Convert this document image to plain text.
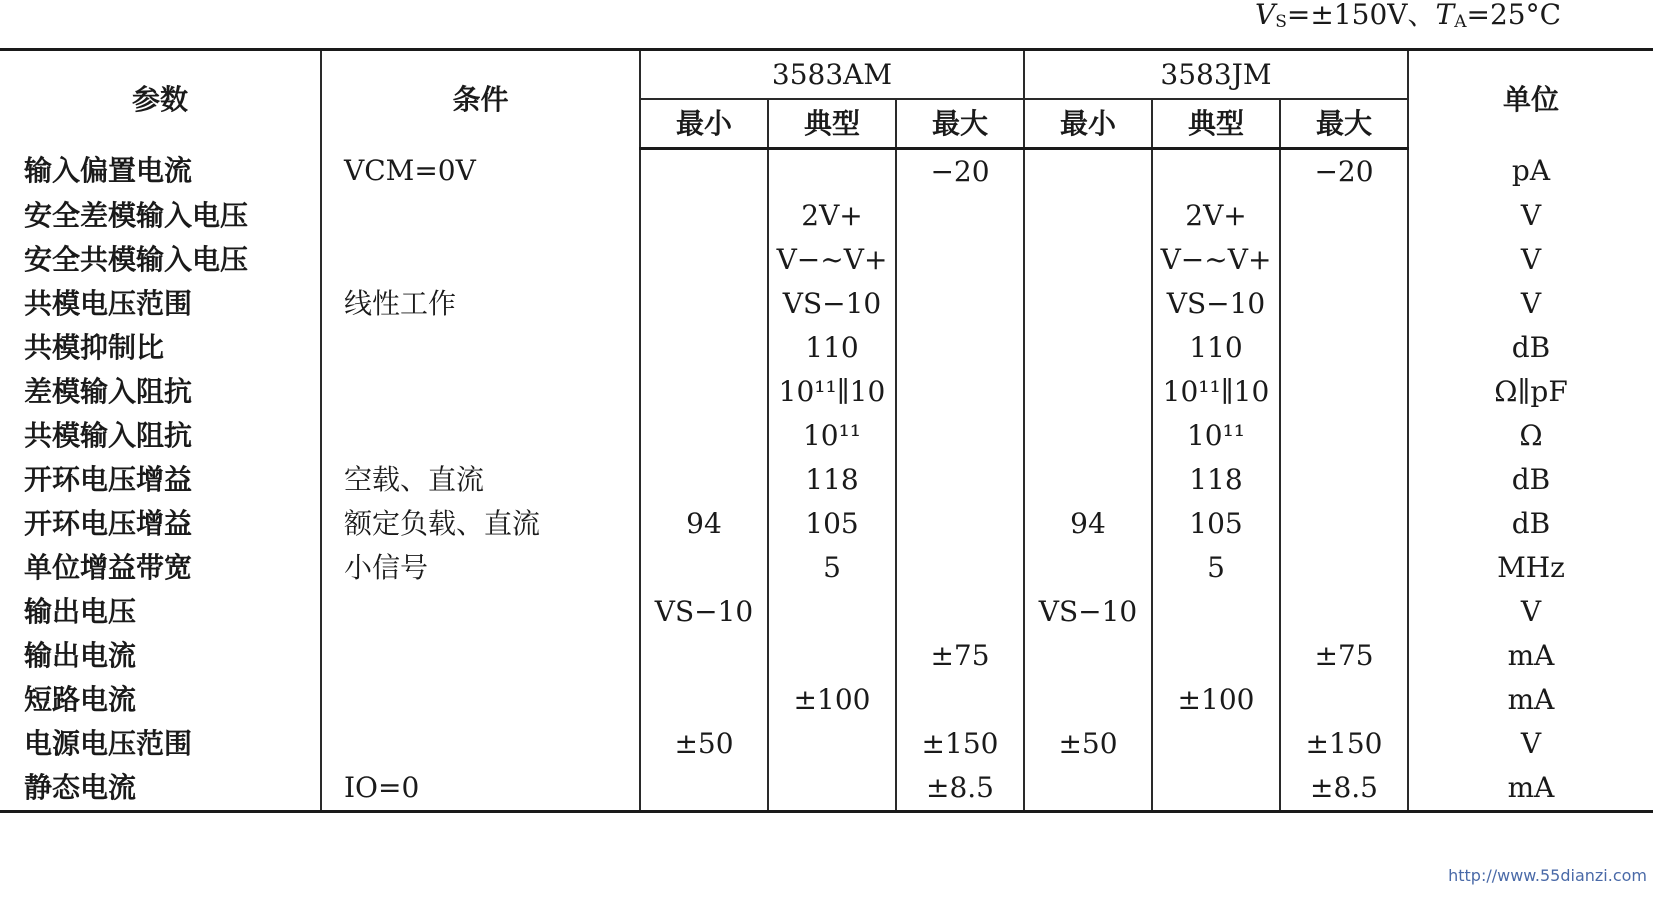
$V_S=\pm 150V$、$T_A=25^\circ C$
参数	条件	3583AM			3583JM			单位
		最小	典型	最大	最小	典型	最大	
输入偏置电流	VCM=0V			−20			−20	pA
安全差模输入电压			2V+			2V+		V
安全共模输入电压			V−~V+			V−~V+		V
共模电压范围	线性工作		VS−10			VS−10		V
共模抑制比			110			110		dB
差模输入阻抗			10¹¹∥10			10¹¹∥10		Ω∥pF
共模输入阻抗			10¹¹			10¹¹		Ω
开环电压增益	空载、直流		118			118		dB
开环电压增益	额定负载、直流	94	105		94	105		dB
单位增益带宽	小信号		5			5		MHz
输出电压		VS−10			VS−10			V
输出电流				±75			±75	mA
短路电流			±100			±100		mA
电源电压范围		±50		±150	±50		±150	V
静态电流	IO=0			±8.5			±8.5	mA
http://www.55dianzi.com
